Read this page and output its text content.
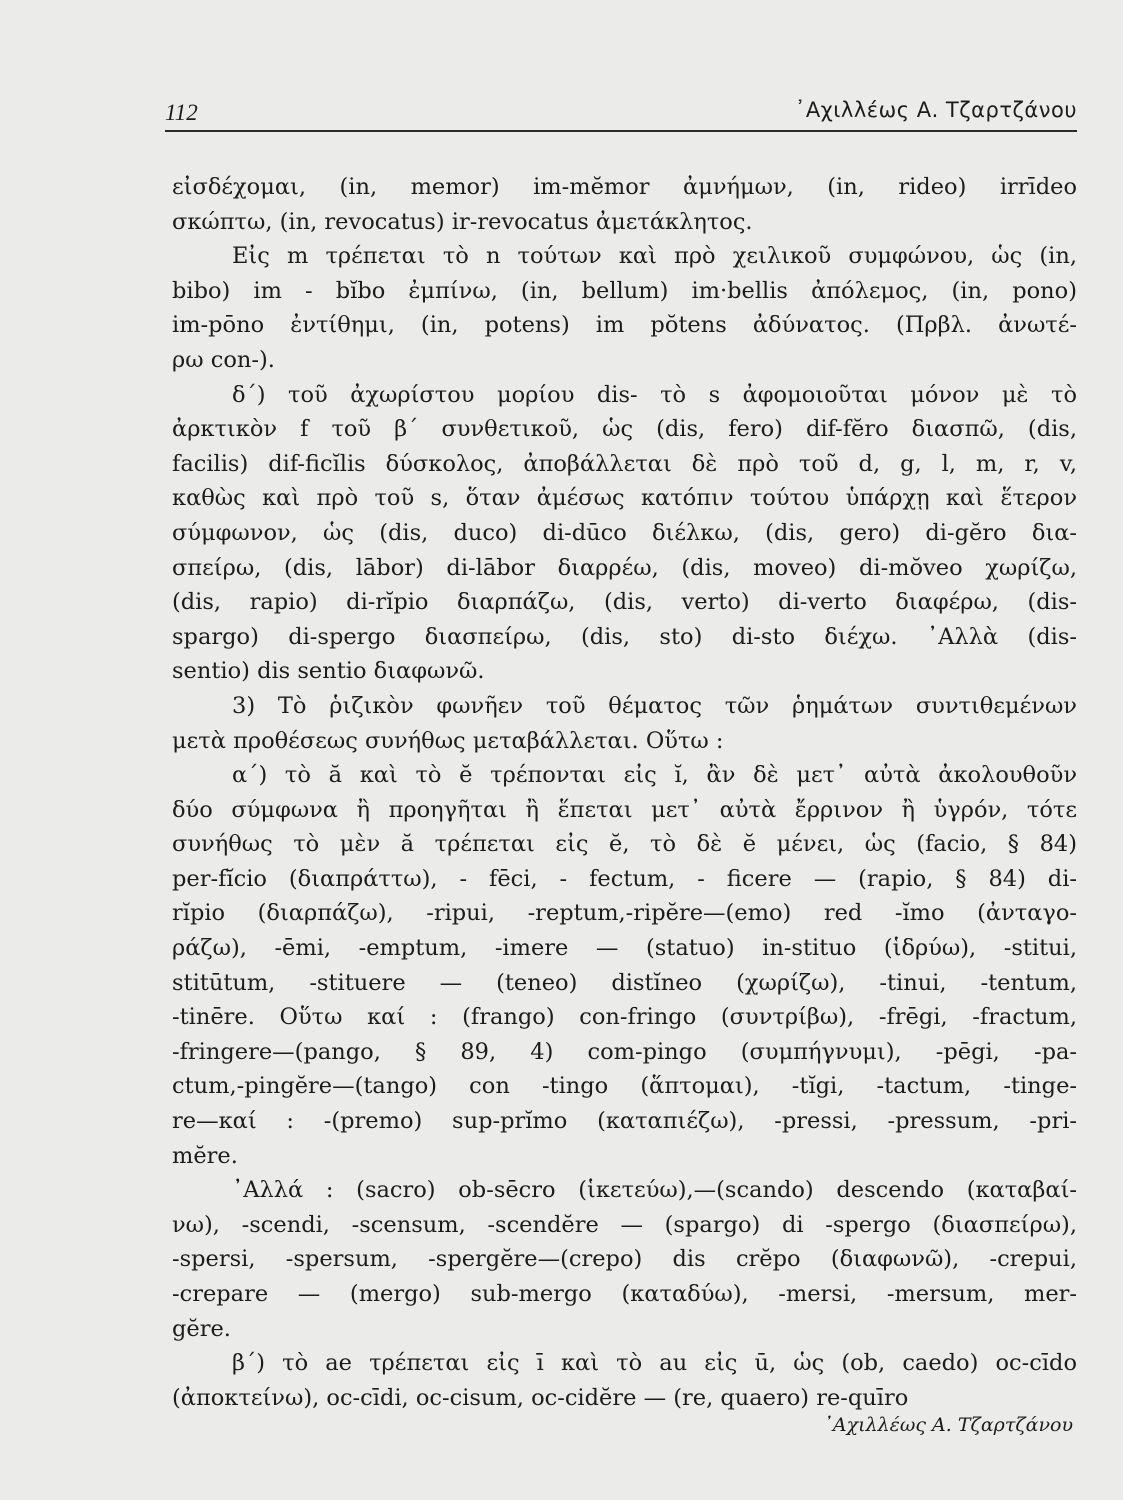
112	᾿Αχιλλέως Α. Τζαρτζάνου

εἰσδέχομαι, (in, memor) im-mĕmor ἀμνήμων, (in, rideo) irrīdeo
σκώπτω, (in, revocatus) ir-revocatus ἀμετάκλητος.

Εἰς m τρέπεται τὸ n τούτων καὶ πρὸ χειλικοῦ συμφώνου, ὡς (in,
bibo) im - bĭbo ἐμπίνω, (in, bellum) im·bellis ἀπόλεμος, (in, pono)
im-pōno ἐντίθημι, (in, potens) im pŏtens ἀδύνατος. (Πρβλ. ἀνωτέ-
ρω con-).

δ΄) τοῦ ἀχωρίστου μορίου dis- τὸ s ἀφομοιοῦται μόνον μὲ τὸ
ἀρκτικὸν f τοῦ β΄ συνθετικοῦ, ὡς (dis, fero) dif-fĕro διασπῶ, (dis,
facilis) dif-ficĭlis δύσκολος, ἀποβάλλεται δὲ πρὸ τοῦ d, g, l, m, r, v,
καθὼς καὶ πρὸ τοῦ s, ὅταν ἀμέσως κατόπιν τούτου ὑπάρχῃ καὶ ἕτερον
σύμφωνον, ὡς (dis, duco) di-dūco διέλκω, (dis, gero) di-gĕro δια-
σπείρω, (dis, lābor) di-lābor διαρρέω, (dis, moveo) di-mŏveo χωρίζω,
(dis, rapio) di-rĭpio διαρπάζω, (dis, verto) di-verto διαφέρω, (dis-
spargo) di-spergo διασπείρω, (dis, sto) di-sto διέχω. ᾿Αλλὰ (dis-
sentio) dis sentio διαφωνῶ.

3) Τὸ ῥιζικὸν φωνῆεν τοῦ θέματος τῶν ῥημάτων συντιθεμένων
μετὰ προθέσεως συνήθως μεταβάλλεται. Οὕτω :

α΄) τὸ ă καὶ τὸ ĕ τρέπονται εἰς ĭ, ἂν δὲ μετ᾿ αὐτὰ ἀκολουθοῦν
δύο σύμφωνα ἢ προηγῆται ἢ ἕπεται μετ᾿ αὐτὰ ἔρρινον ἢ ὑγρόν, τότε
συνήθως τὸ μὲν ă τρέπεται εἰς ĕ, τὸ δὲ ĕ μένει, ὡς (facio, § 84)
per-fĭcio (διαπράττω), - fēci, - fectum, - ficere — (rapio, § 84) di-
rĭpio (διαρπάζω), -ripui, -reptum,-ripĕre—(emo) red -ĭmo (ἀνταγο-
ράζω), -ēmi, -emptum, -imere — (statuo) in-stituo (ἱδρύω), -stitui,
stitūtum, -stituere — (teneo) distĭneo (χωρίζω), -tinui, -tentum,
-tinēre. Οὕτω καί : (frango) con-fringo (συντρίβω), -frēgi, -fractum,
-fringere—(pango, § 89, 4) com-pingo (συμπήγνυμι), -pēgi, -pa-
ctum,-pingĕre—(tango) con -tingo (ἅπτομαι), -tĭgi, -tactum, -tinge-
re—καί : -(premo) sup-prĭmo (καταπιέζω), -pressi, -pressum, -pri-
mĕre.

᾿Αλλά : (sacro) ob-sēcro (ἱκετεύω),—(scando) descendo (καταβαί-
νω), -scendi, -scensum, -scendĕre — (spargo) di -spergo (διασπείρω),
-spersi, -spersum, -spergĕre—(crepo) dis crĕpo (διαφωνῶ), -crepui,
-crepare — (mergo) sub-mergo (καταδύω), -mersi, -mersum, mer-
gĕre.

β΄) τὸ ae τρέπεται εἰς ī καὶ τὸ au εἰς ū, ὡς (ob, caedo) oc-cīdo
(ἀποκτείνω), oc-cīdi, oc-cisum, oc-cidĕre — (re, quaero) re-quīro

᾿Αχιλλέως Α. Τζαρτζάνου
